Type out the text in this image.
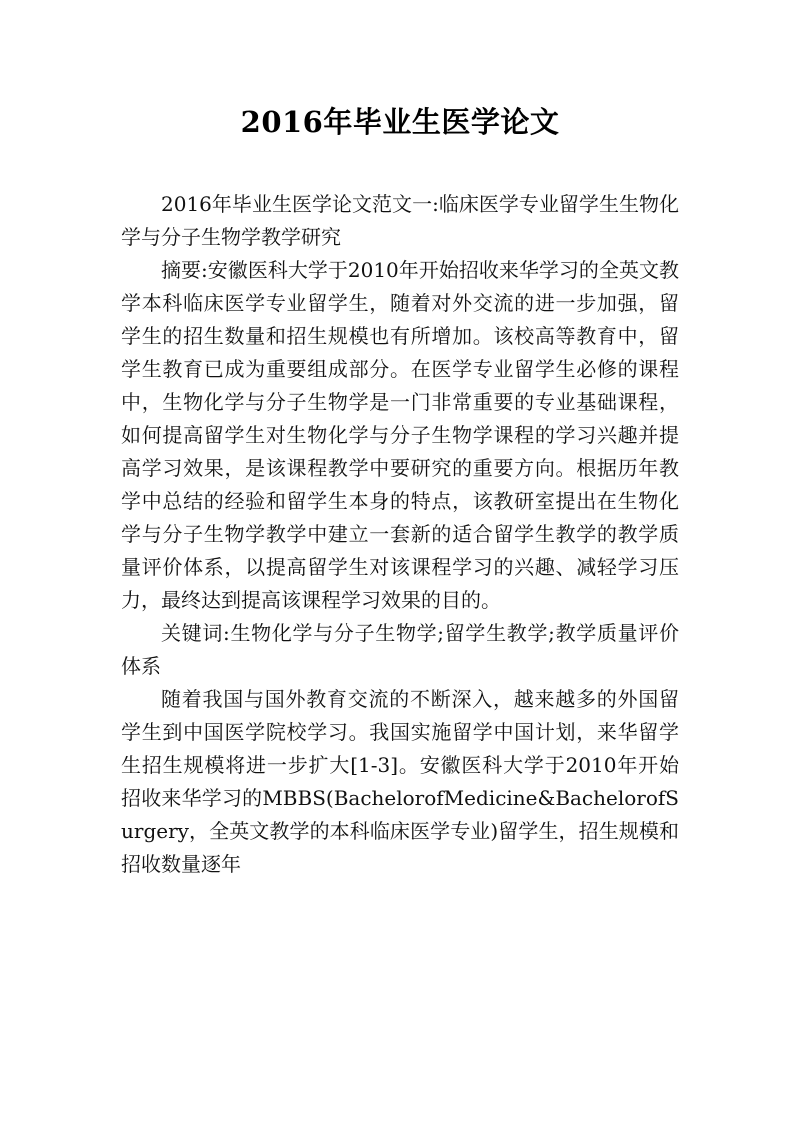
2016年毕业生医学论文

2016年毕业生医学论文范文一:临床医学专业留学生生物化学与分子生物学教学研究

摘要:安徽医科大学于2010年开始招收来华学习的全英文教学本科临床医学专业留学生，随着对外交流的进一步加强，留学生的招生数量和招生规模也有所增加。该校高等教育中，留学生教育已成为重要组成部分。在医学专业留学生必修的课程中，生物化学与分子生物学是一门非常重要的专业基础课程，如何提高留学生对生物化学与分子生物学课程的学习兴趣并提高学习效果，是该课程教学中要研究的重要方向。根据历年教学中总结的经验和留学生本身的特点，该教研室提出在生物化学与分子生物学教学中建立一套新的适合留学生教学的教学质量评价体系，以提高留学生对该课程学习的兴趣、减轻学习压力，最终达到提高该课程学习效果的目的。

关键词:生物化学与分子生物学;留学生教学;教学质量评价体系

随着我国与国外教育交流的不断深入，越来越多的外国留学生到中国医学院校学习。我国实施留学中国计划，来华留学生招生规模将进一步扩大[1-3]。安徽医科大学于2010年开始招收来华学习的MBBS(BachelorofMedicine&BachelorofSurgery，全英文教学的本科临床医学专业)留学生，招生规模和招收数量逐年
